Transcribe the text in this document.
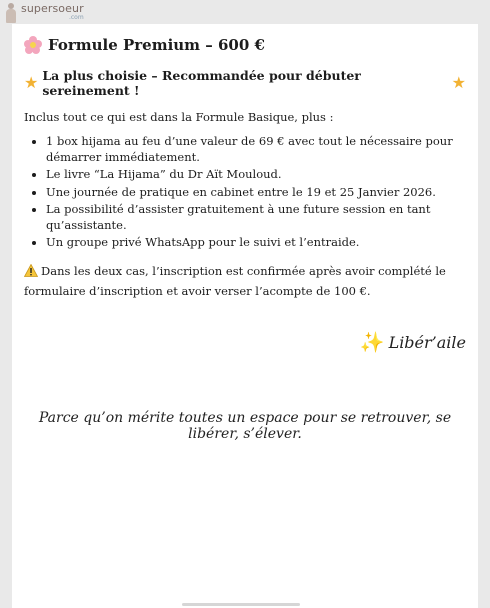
supersoeur
.com
Formule Premium – 600 €
★ La plus choisie – Recommandée pour débuter sereinement !	★
Inclus tout ce qui est dans la Formule Basique, plus :
• 1 box hijama au feu d’une valeur de 69 € avec tout le nécessaire pour démarrer immédiatement.
• Le livre “La Hijama” du Dr Aït Mouloud.
• Une journée de pratique en cabinet entre le 19 et 25 Janvier 2026.
• La possibilité d’assister gratuitement à une future session en tant qu’assistante.
• Un groupe privé WhatsApp pour le suivi et l’entraide.
Dans les deux cas, l’inscription est confirmée après avoir complété le formulaire d’inscription et avoir verser l’acompte de 100 €.
✨ Libér’aile
Parce qu’on mérite toutes un espace pour se retrouver, se libérer, s’élever.
